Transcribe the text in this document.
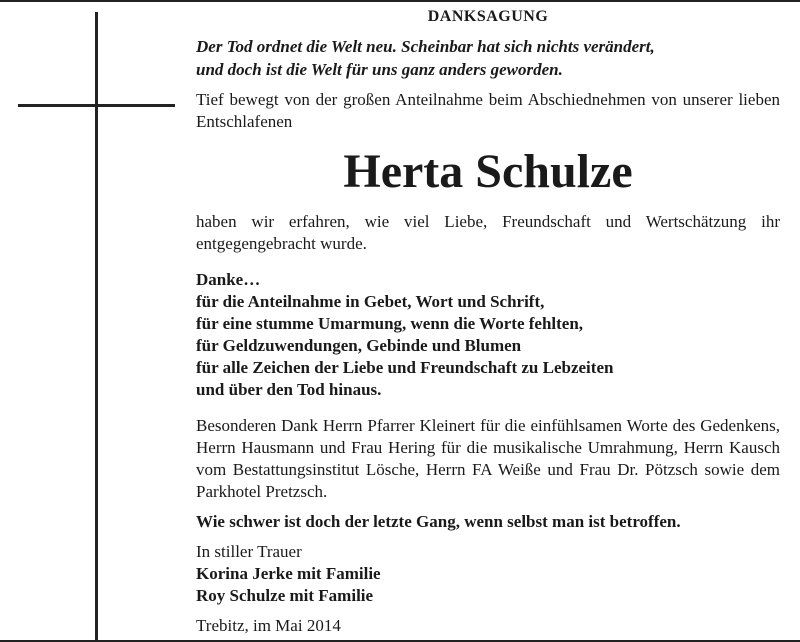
DANKSAGUNG
Der Tod ordnet die Welt neu. Scheinbar hat sich nichts verändert,
und doch ist die Welt für uns ganz anders geworden.

Tief bewegt von der großen Anteilnahme beim Abschiednehmen von unserer lieben Entschlafenen

Herta Schulze

haben wir erfahren, wie viel Liebe, Freundschaft und Wertschätzung ihr entgegengebracht wurde.

Danke…
für die Anteilnahme in Gebet, Wort und Schrift,
für eine stumme Umarmung, wenn die Worte fehlten,
für Geldzuwendungen, Gebinde und Blumen
für alle Zeichen der Liebe und Freundschaft zu Lebzeiten
und über den Tod hinaus.

Besonderen Dank Herrn Pfarrer Kleinert für die einfühlsamen Worte des Gedenkens, Herrn Hausmann und Frau Hering für die musikalische Umrahmung, Herrn Kausch vom Bestattungsinstitut Lösche, Herrn FA Weiße und Frau Dr. Pötzsch sowie dem Parkhotel Pretzsch.

Wie schwer ist doch der letzte Gang, wenn selbst man ist betroffen.

In stiller Trauer
Korina Jerke mit Familie
Roy Schulze mit Familie
Trebitz, im Mai 2014
